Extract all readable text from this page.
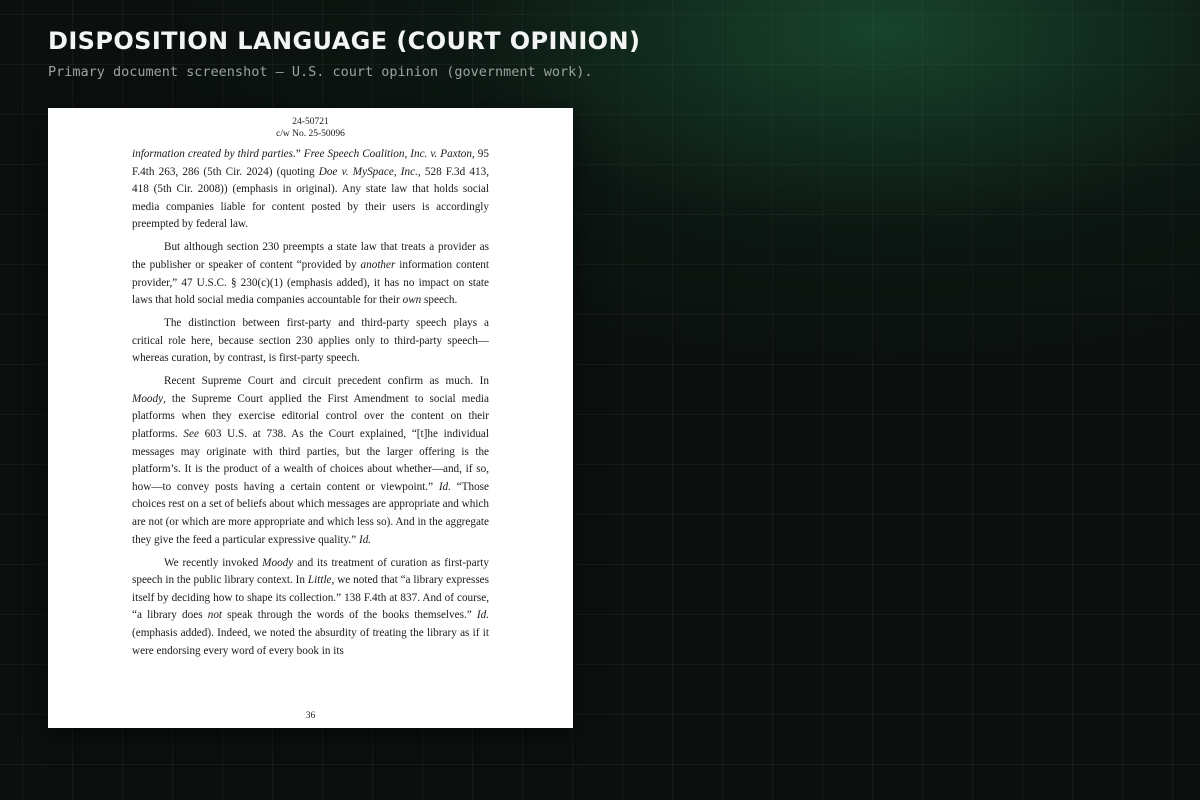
DISPOSITION LANGUAGE (COURT OPINION)
Primary document screenshot — U.S. court opinion (government work).
24-50721
c/w No. 25-50096

information created by third parties.” Free Speech Coalition, Inc. v. Paxton, 95 F.4th 263, 286 (5th Cir. 2024) (quoting Doe v. MySpace, Inc., 528 F.3d 413, 418 (5th Cir. 2008)) (emphasis in original). Any state law that holds social media companies liable for content posted by their users is accordingly preempted by federal law.

But although section 230 preempts a state law that treats a provider as the publisher or speaker of content “provided by another information content provider,” 47 U.S.C. § 230(c)(1) (emphasis added), it has no impact on state laws that hold social media companies accountable for their own speech.

The distinction between first-party and third-party speech plays a critical role here, because section 230 applies only to third-party speech—whereas curation, by contrast, is first-party speech.

Recent Supreme Court and circuit precedent confirm as much. In Moody, the Supreme Court applied the First Amendment to social media platforms when they exercise editorial control over the content on their platforms. See 603 U.S. at 738. As the Court explained, “[t]he individual messages may originate with third parties, but the larger offering is the platform’s. It is the product of a wealth of choices about whether—and, if so, how—to convey posts having a certain content or viewpoint.” Id. “Those choices rest on a set of beliefs about which messages are appropriate and which are not (or which are more appropriate and which less so). And in the aggregate they give the feed a particular expressive quality.” Id.

We recently invoked Moody and its treatment of curation as first-party speech in the public library context. In Little, we noted that “a library expresses itself by deciding how to shape its collection.” 138 F.4th at 837. And of course, “a library does not speak through the words of the books themselves.” Id. (emphasis added). Indeed, we noted the absurdity of treating the library as if it were endorsing every word of every book in its

36
